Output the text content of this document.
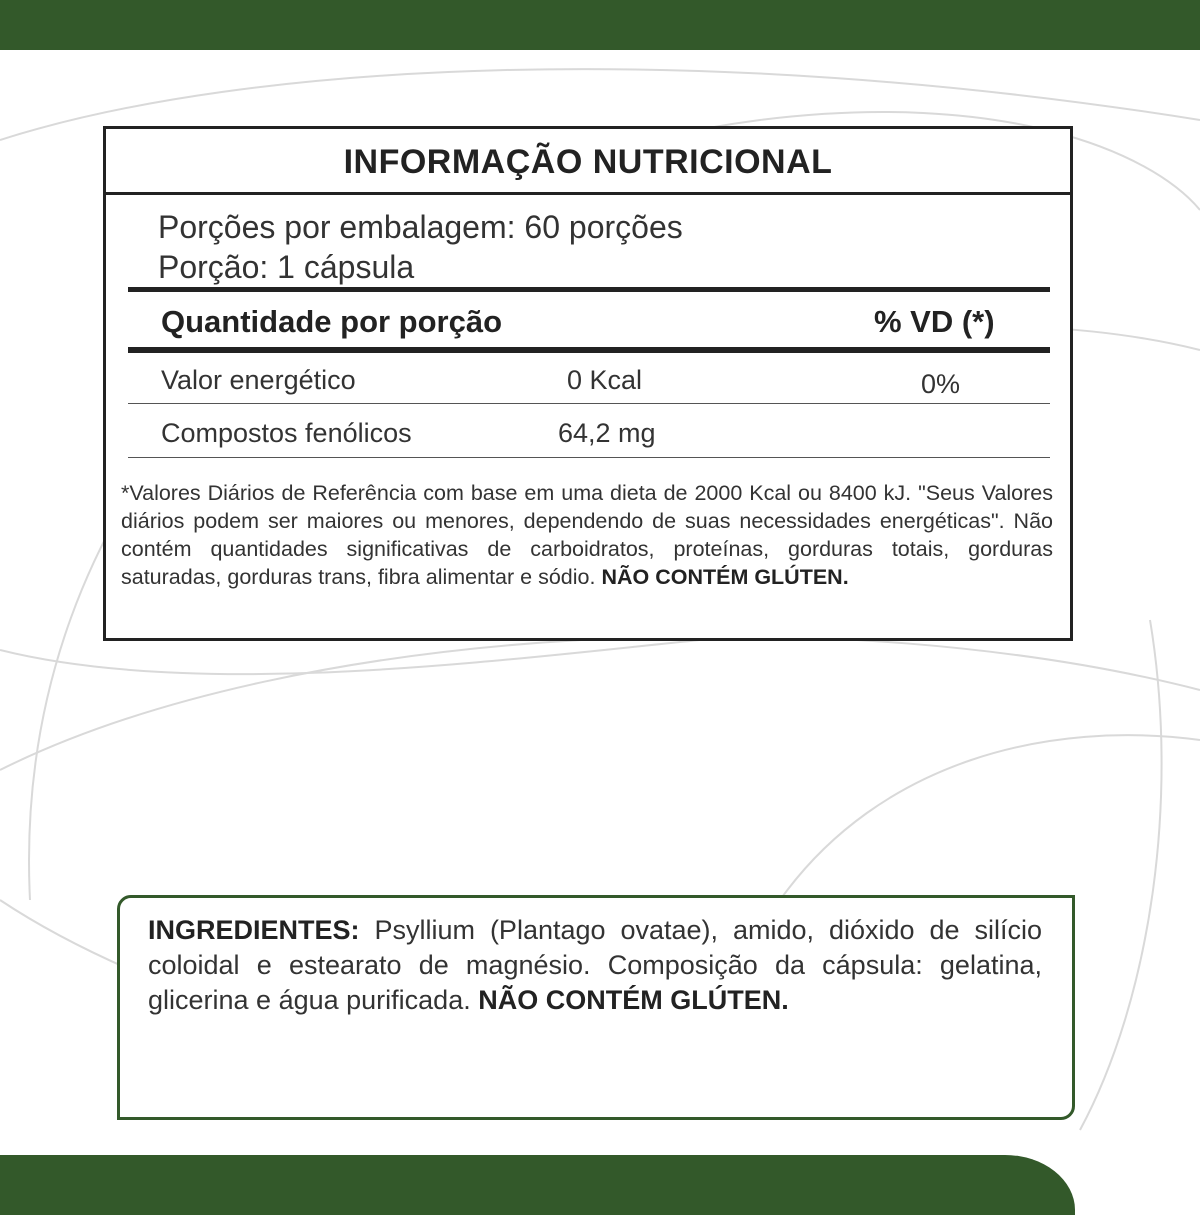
INFORMAÇÃO NUTRICIONAL
Porções por embalagem: 60 porções
Porção: 1 cápsula
Quantidade por porção	% VD (*)
Valor energético	0 Kcal	0%
Compostos fenólicos	64,2 mg
*Valores Diários de Referência com base em uma dieta de 2000 Kcal ou 8400 kJ. "Seus Valores diários podem ser maiores ou menores, dependendo de suas necessidades energéticas". Não contém quantidades significativas de carboidratos, proteínas, gorduras totais, gorduras saturadas, gorduras trans, fibra alimentar e sódio. NÃO CONTÉM GLÚTEN.
INGREDIENTES: Psyllium (Plantago ovatae), amido, dióxido de silício coloidal e estearato de magnésio. Composição da cápsula: gelatina, glicerina e água purificada. NÃO CONTÉM GLÚTEN.
